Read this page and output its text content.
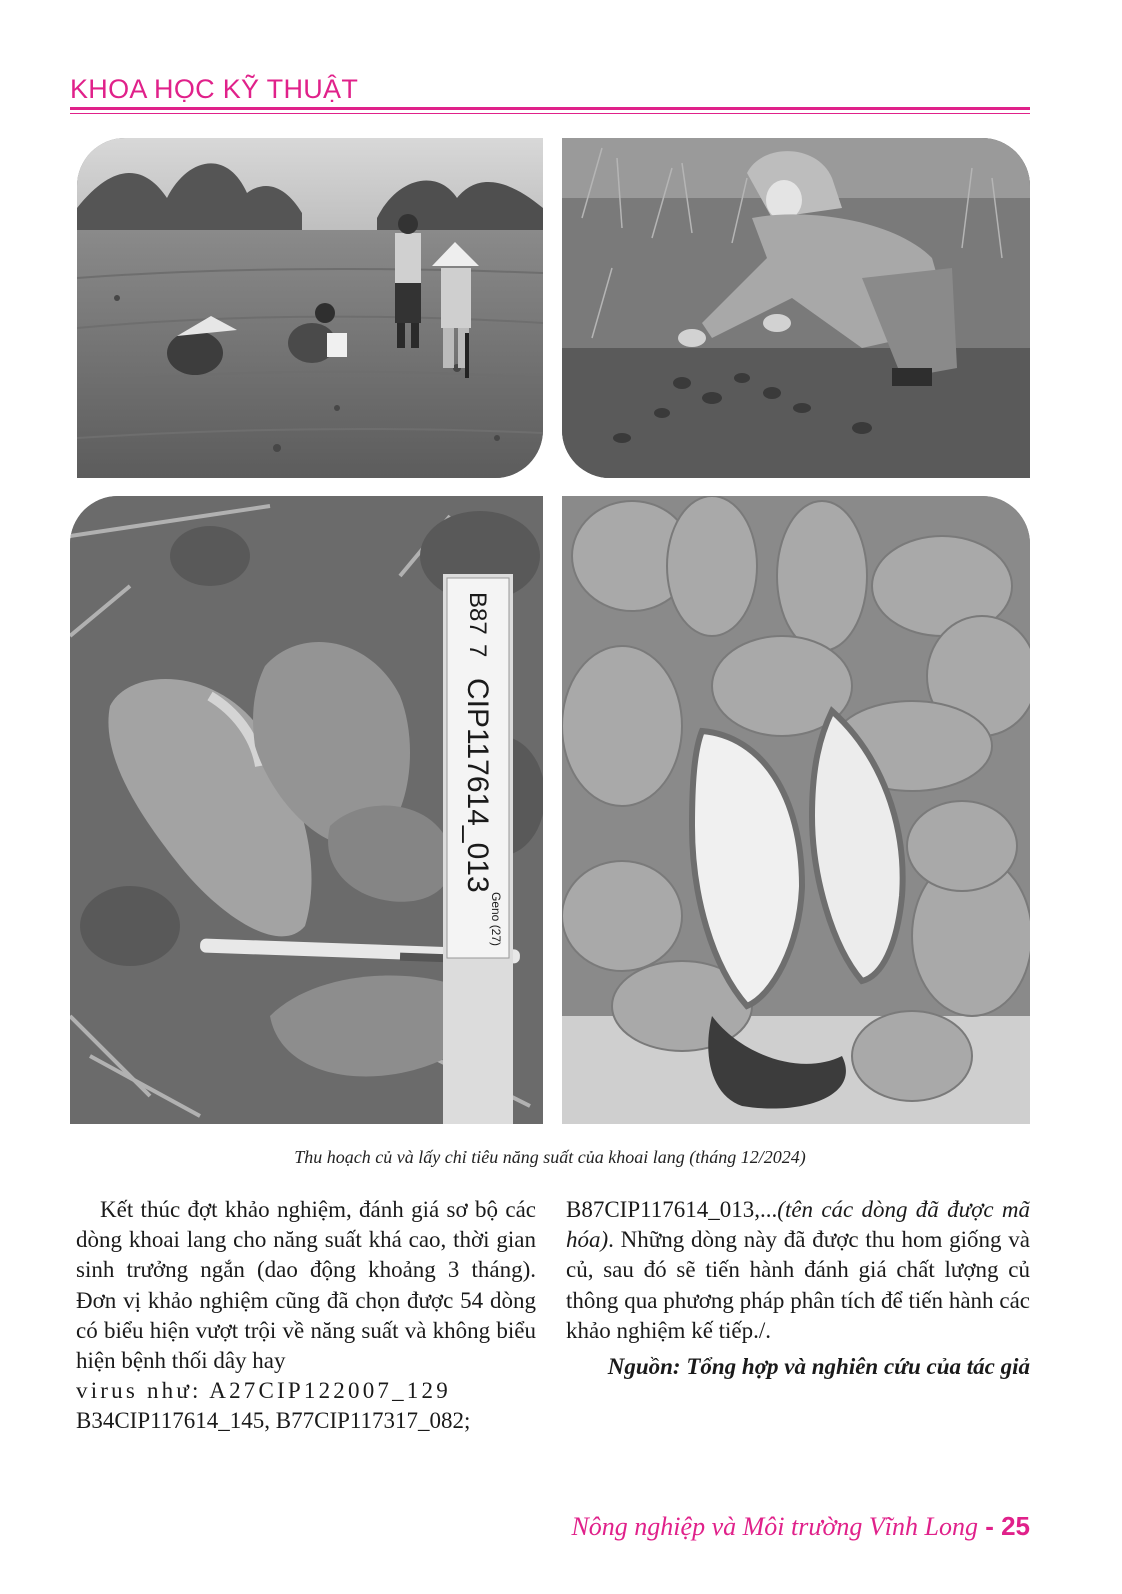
KHOA HỌC KỸ THUẬT
B87
7
CIP117614_013
Geno (27)
Thu hoạch củ và lấy chỉ tiêu năng suất của khoai lang (tháng 12/2024)

Kết thúc đợt khảo nghiệm, đánh giá sơ bộ các dòng khoai lang cho năng suất khá cao, thời gian sinh trưởng ngắn (dao động khoảng 3 tháng). Đơn vị khảo nghiệm cũng đã chọn được 54 dòng có biểu hiện vượt trội về năng suất và không biểu hiện bệnh thối dây hay

virus như: A27CIP122007_129
B34CIP117614_145, B77CIP117317_082;

B87CIP117614_013,...(tên các dòng đã được mã hóa). Những dòng này đã được thu hom giống và củ, sau đó sẽ tiến hành đánh giá chất lượng củ thông qua phương pháp phân tích để tiến hành các khảo nghiệm kế tiếp./.

Nguồn: Tổng hợp và nghiên cứu của tác giả
Nông nghiệp và Môi trường Vĩnh Long - 25
